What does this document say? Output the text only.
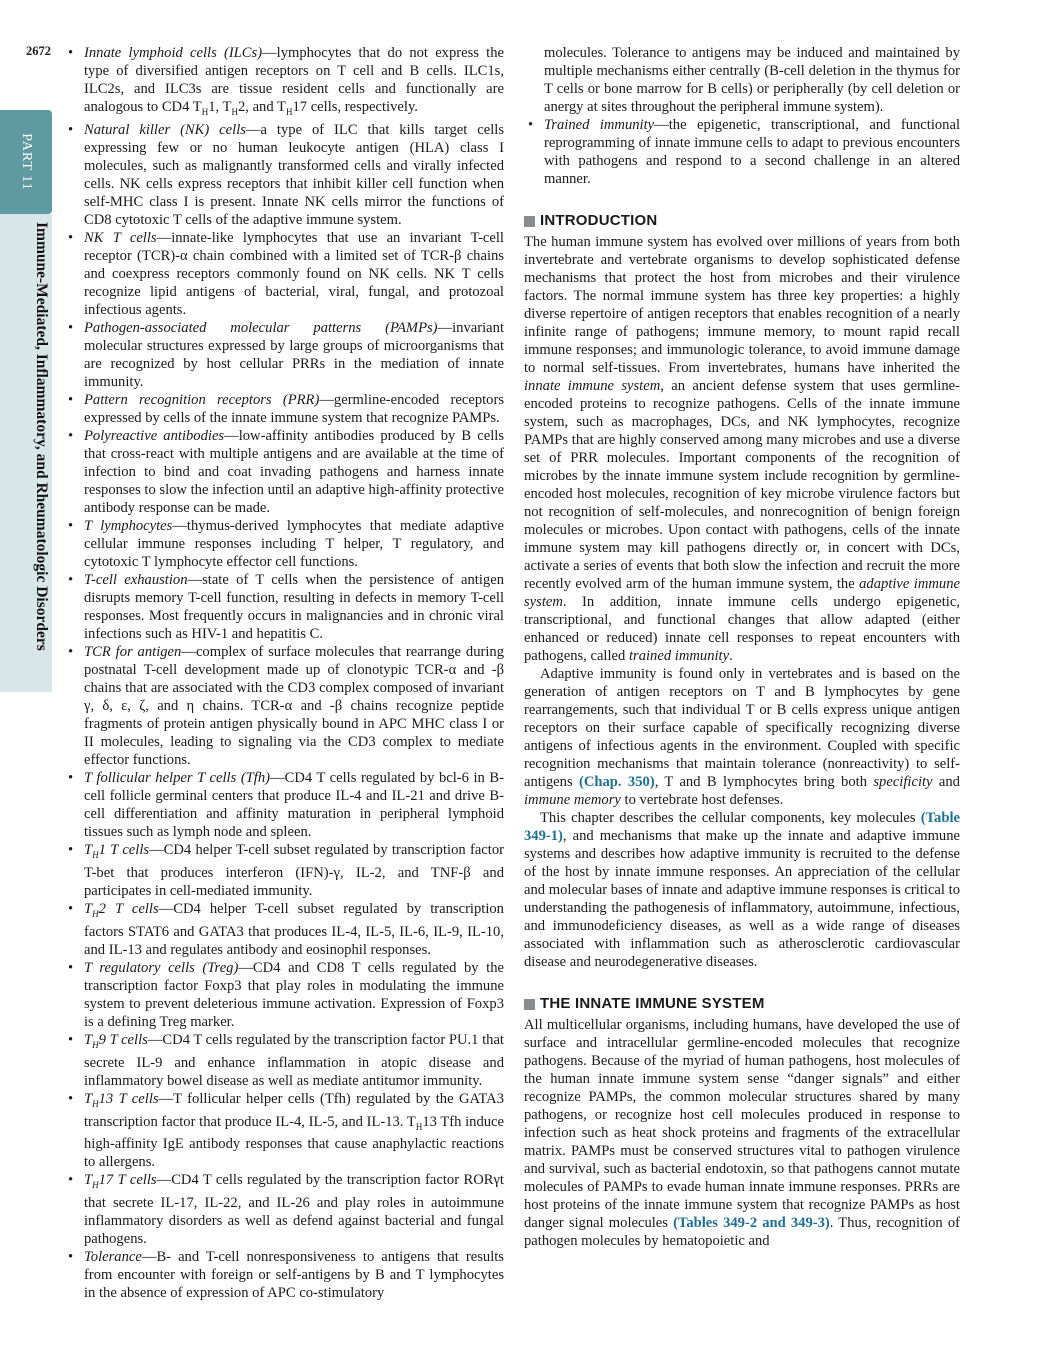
2672
PART 11
Immune-Mediated, Inflammatory, and Rheumatologic Disorders
• Innate lymphoid cells (ILCs)—lymphocytes that do not express the type of diversified antigen receptors on T cell and B cells. ILC1s, ILC2s, and ILC3s are tissue resident cells and functionally are analogous to CD4 $T_H1$, $T_H2$, and $T_H17$ cells, respectively.
• Natural killer (NK) cells—a type of ILC that kills target cells expressing few or no human leukocyte antigen (HLA) class I molecules, such as malignantly transformed cells and virally infected cells. NK cells express receptors that inhibit killer cell function when self-MHC class I is present. Innate NK cells mirror the functions of CD8 cytotoxic T cells of the adaptive immune system.
• NK T cells—innate-like lymphocytes that use an invariant T-cell receptor (TCR)-α chain combined with a limited set of TCR-β chains and coexpress receptors commonly found on NK cells. NK T cells recognize lipid antigens of bacterial, viral, fungal, and protozoal infectious agents.
• Pathogen-associated molecular patterns (PAMPs)—invariant molecular structures expressed by large groups of microorganisms that are recognized by host cellular PRRs in the mediation of innate immunity.
• Pattern recognition receptors (PRR)—germline-encoded receptors expressed by cells of the innate immune system that recognize PAMPs.
• Polyreactive antibodies—low-affinity antibodies produced by B cells that cross-react with multiple antigens and are available at the time of infection to bind and coat invading pathogens and harness innate responses to slow the infection until an adaptive high-affinity protective antibody response can be made.
• T lymphocytes—thymus-derived lymphocytes that mediate adaptive cellular immune responses including T helper, T regulatory, and cytotoxic T lymphocyte effector cell functions.
• T-cell exhaustion—state of T cells when the persistence of antigen disrupts memory T-cell function, resulting in defects in memory T-cell responses. Most frequently occurs in malignancies and in chronic viral infections such as HIV-1 and hepatitis C.
• TCR for antigen—complex of surface molecules that rearrange during postnatal T-cell development made up of clonotypic TCR-α and -β chains that are associated with the CD3 complex composed of invariant γ, δ, ε, ζ, and η chains. TCR-α and -β chains recognize peptide fragments of protein antigen physically bound in APC MHC class I or II molecules, leading to signaling via the CD3 complex to mediate effector functions.
• T follicular helper T cells (Tfh)—CD4 T cells regulated by bcl-6 in B-cell follicle germinal centers that produce IL-4 and IL-21 and drive B-cell differentiation and affinity maturation in peripheral lymphoid tissues such as lymph node and spleen.
• $T_H1$ T cells—CD4 helper T-cell subset regulated by transcription factor T-bet that produces interferon (IFN)-γ, IL-2, and TNF-β and participates in cell-mediated immunity.
• $T_H2$ T cells—CD4 helper T-cell subset regulated by transcription factors STAT6 and GATA3 that produces IL-4, IL-5, IL-6, IL-9, IL-10, and IL-13 and regulates antibody and eosinophil responses.
• T regulatory cells (Treg)—CD4 and CD8 T cells regulated by the transcription factor Foxp3 that play roles in modulating the immune system to prevent deleterious immune activation. Expression of Foxp3 is a defining Treg marker.
• $T_H9$ T cells—CD4 T cells regulated by the transcription factor PU.1 that secrete IL-9 and enhance inflammation in atopic disease and inflammatory bowel disease as well as mediate antitumor immunity.
• $T_H13$ T cells—T follicular helper cells (Tfh) regulated by the GATA3 transcription factor that produce IL-4, IL-5, and IL-13. $T_H13$ Tfh induce high-affinity IgE antibody responses that cause anaphylactic reactions to allergens.
• $T_H17$ T cells—CD4 T cells regulated by the transcription factor RORγt that secrete IL-17, IL-22, and IL-26 and play roles in autoimmune inflammatory disorders as well as defend against bacterial and fungal pathogens.
• Tolerance—B- and T-cell nonresponsiveness to antigens that results from encounter with foreign or self-antigens by B and T lymphocytes in the absence of expression of APC co-stimulatory

molecules. Tolerance to antigens may be induced and maintained by multiple mechanisms either centrally (B-cell deletion in the thymus for T cells or bone marrow for B cells) or peripherally (by cell deletion or anergy at sites throughout the peripheral immune system).

• Trained immunity—the epigenetic, transcriptional, and functional reprogramming of innate immune cells to adapt to previous encounters with pathogens and respond to a second challenge in an altered manner.
INTRODUCTION

The human immune system has evolved over millions of years from both invertebrate and vertebrate organisms to develop sophisticated defense mechanisms that protect the host from microbes and their virulence factors. The normal immune system has three key properties: a highly diverse repertoire of antigen receptors that enables recognition of a nearly infinite range of pathogens; immune memory, to mount rapid recall immune responses; and immunologic tolerance, to avoid immune damage to normal self-tissues. From invertebrates, humans have inherited the innate immune system, an ancient defense system that uses germline-encoded proteins to recognize pathogens. Cells of the innate immune system, such as macrophages, DCs, and NK lymphocytes, recognize PAMPs that are highly conserved among many microbes and use a diverse set of PRR molecules. Important components of the recognition of microbes by the innate immune system include recognition by germline-encoded host molecules, recognition of key microbe virulence factors but not recognition of self-molecules, and nonrecognition of benign foreign molecules or microbes. Upon contact with pathogens, cells of the innate immune system may kill pathogens directly or, in concert with DCs, activate a series of events that both slow the infection and recruit the more recently evolved arm of the human immune system, the adaptive immune system. In addition, innate immune cells undergo epigenetic, transcriptional, and functional changes that allow adapted (either enhanced or reduced) innate cell responses to repeat encounters with pathogens, called trained immunity.

Adaptive immunity is found only in vertebrates and is based on the generation of antigen receptors on T and B lymphocytes by gene rearrangements, such that individual T or B cells express unique antigen receptors on their surface capable of specifically recognizing diverse antigens of infectious agents in the environment. Coupled with specific recognition mechanisms that maintain tolerance (nonreactivity) to self-antigens (Chap. 350), T and B lymphocytes bring both specificity and immune memory to vertebrate host defenses.

This chapter describes the cellular components, key molecules (Table 349-1), and mechanisms that make up the innate and adaptive immune systems and describes how adaptive immunity is recruited to the defense of the host by innate immune responses. An appreciation of the cellular and molecular bases of innate and adaptive immune responses is critical to understanding the pathogenesis of inflammatory, autoimmune, infectious, and immunodeficiency diseases, as well as a wide range of diseases associated with inflammation such as atherosclerotic cardiovascular disease and neurodegenerative diseases.

THE INNATE IMMUNE SYSTEM

All multicellular organisms, including humans, have developed the use of surface and intracellular germline-encoded molecules that recognize pathogens. Because of the myriad of human pathogens, host molecules of the human innate immune system sense “danger signals” and either recognize PAMPs, the common molecular structures shared by many pathogens, or recognize host cell molecules produced in response to infection such as heat shock proteins and fragments of the extracellular matrix. PAMPs must be conserved structures vital to pathogen virulence and survival, such as bacterial endotoxin, so that pathogens cannot mutate molecules of PAMPs to evade human innate immune responses. PRRs are host proteins of the innate immune system that recognize PAMPs as host danger signal molecules (Tables 349-2 and 349-3). Thus, recognition of pathogen molecules by hematopoietic and
